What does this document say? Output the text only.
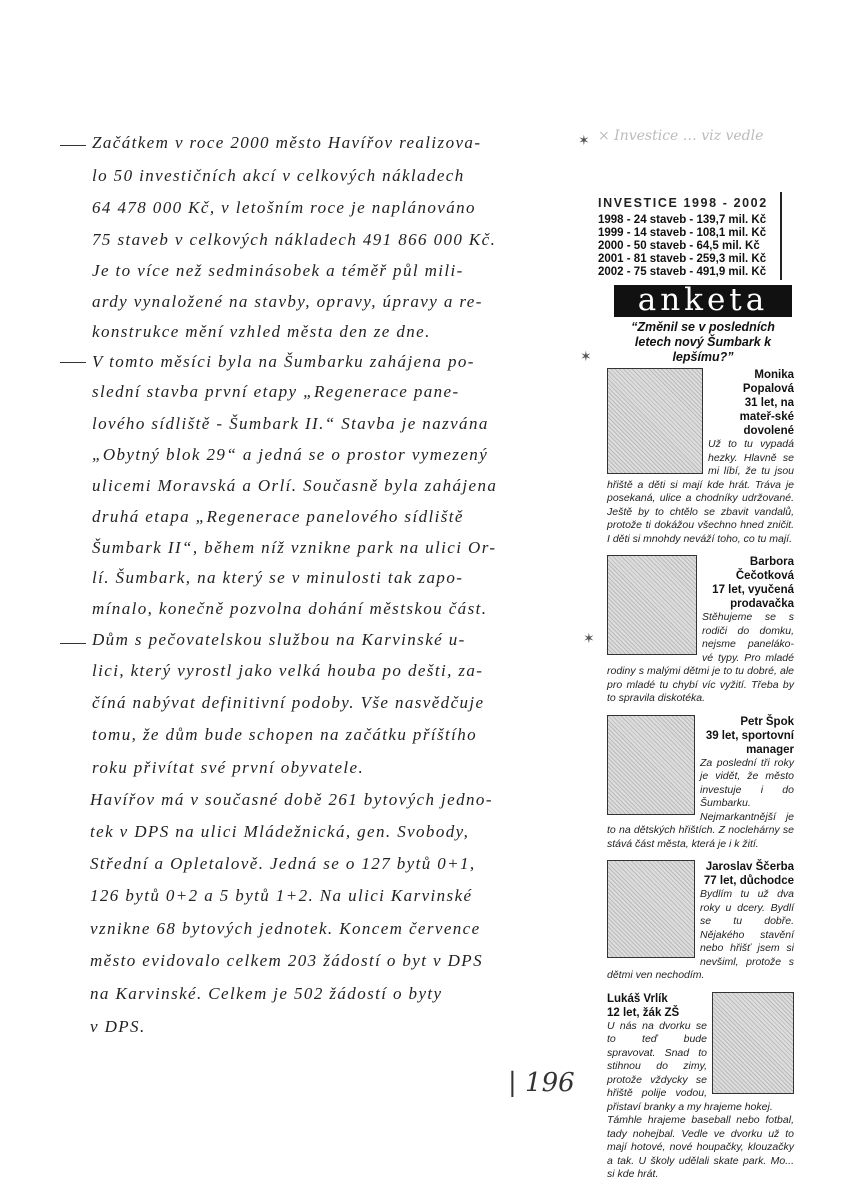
Začátkem v roce 2000 město Havířov realizova-
lo 50 investičních akcí v celkových nákladech
64 478 000 Kč, v letošním roce je naplánováno
75 staveb v celkových nákladech 491 866 000 Kč.
Je to více než sedminásobek a téměř půl mili-
ardy vynaložené na stavby, opravy, úpravy a re-
konstrukce mění vzhled města den ze dne.
V tomto měsíci byla na Šumbarku zahájena po-
slední stavba první etapy „Regenerace pane-
lového sídliště - Šumbark II.“ Stavba je nazvána
„Obytný blok 29“ a jedná se o prostor vymezený
ulicemi Moravská a Orlí. Současně byla zahájena
druhá etapa „Regenerace panelového sídliště
Šumbark II“, během níž vznikne park na ulici Or-
lí. Šumbark, na který se v minulosti tak zapo-
mínalo, konečně pozvolna dohání městskou část.
Dům s pečovatelskou službou na Karvinské u-
lici, který vyrostl jako velká houba po dešti, za-
číná nabývat definitivní podoby. Vše nasvědčuje
tomu, že dům bude schopen na začátku příštího
roku přivítat své první obyvatele.
Havířov má v současné době 261 bytových jedno-
tek v DPS na ulici Mládežnická, gen. Svobody,
Střední a Opletalově. Jedná se o 127 bytů 0+1,
126 bytů 0+2 a 5 bytů 1+2. Na ulici Karvinské
vznikne 68 bytových jednotek. Koncem července
město evidovalo celkem 203 žádostí o byt v DPS
na Karvinské. Celkem je 502 žádostí o byty
v DPS.
✶
✶
✶
× Investice … viz vedle
| 196
INVESTICE 1998 - 2002
1998 - 24 staveb - 139,7 mil. Kč
1999 - 14 staveb - 108,1 mil. Kč
2000 - 50 staveb - 64,5 mil. Kč
2001 - 81 staveb - 259,3 mil. Kč
2002 - 75 staveb - 491,9 mil. Kč
anketa
“Změnil se v posledních letech nový Šumbark k lepšímu?”
Monika Popalová
31 let, na mateř-ské dovolené
Už to tu vypadá hezky. Hlavně se mi líbí, že tu jsou hřiště a děti si mají kde hrát. Tráva je posekaná, ulice a chodníky udržované. Ještě by to chtělo se zbavit vandalů, protože ti dokážou všechno hned zničit. I děti si mnohdy neváží toho, co tu mají.
Barbora Čečotková
17 let, vyučená prodavačka
Stěhujeme se s rodiči do domku, nejsme paneláko-vé typy. Pro mladé rodiny s malými dětmi je to tu dobré, ale pro mladé tu chybí víc vyžití. Třeba by to spravila diskotéka.
Petr Špok
39 let, sportovní manager
Za poslední tři roky je vidět, že město investuje i do Šumbarku. Nejmarkantnější je to na dětských hřištích. Z noclehárny se stává část města, která je i k žití.
Jaroslav Ščerba
77 let, důchodce
Bydlím tu už dva roky u dcery. Bydlí se tu dobře. Nějakého stavění nebo hřišť jsem si nevšiml, protože s dětmi ven nechodím.
Lukáš Vrlík
12 let, žák ZŠ
U nás na dvorku se to teď bude spravovat. Snad to stihnou do zimy, protože vždycky se hřiště polije vodou, přistaví branky a my hrajeme hokej.
Támhle hrajeme baseball nebo fotbal, tady nohejbal. Vedle ve dvorku už to mají hotové, nové houpačky, klouzačky a tak. U školy udělali skate park. Mo... si kde hrát.
